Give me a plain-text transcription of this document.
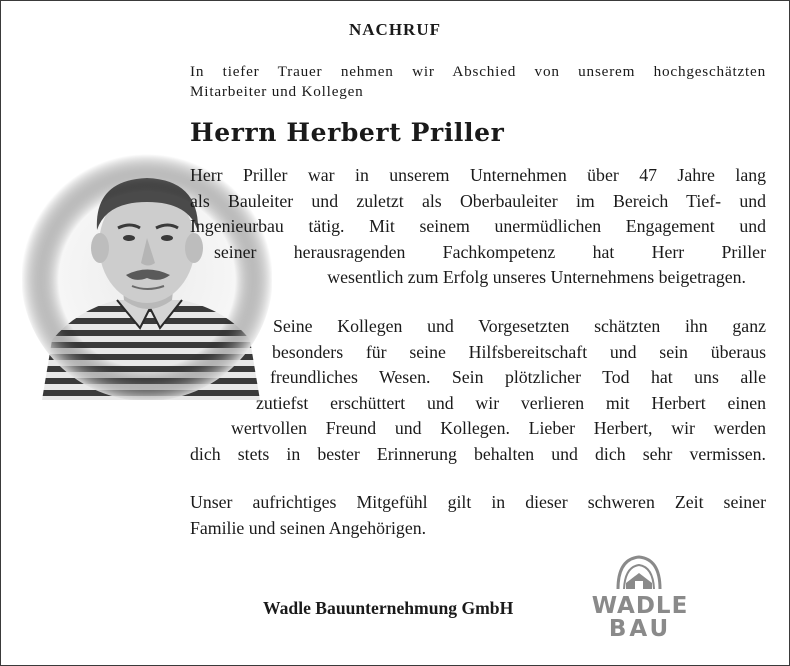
NACHRUF
In tiefer Trauer nehmen wir Abschied von unserem hochgeschätzten
Mitarbeiter und Kollegen
Herrn Herbert Priller
Herr Priller war in unserem Unternehmen über 47 Jahre lang
als Bauleiter und zuletzt als Oberbauleiter im Bereich Tief- und
Ingenieurbau tätig. Mit seinem unermüdlichen Engagement und
seiner herausragenden Fachkompetenz hat Herr Priller
wesentlich zum Erfolg unseres Unternehmens beigetragen.
Seine Kollegen und Vorgesetzten schätzten ihn ganz
besonders für seine Hilfsbereitschaft und sein überaus
freundliches Wesen. Sein plötzlicher Tod hat uns alle
zutiefst erschüttert und wir verlieren mit Herbert einen
wertvollen Freund und Kollegen. Lieber Herbert, wir werden
dich stets in bester Erinnerung behalten und dich sehr vermissen.
Unser aufrichtiges Mitgefühl gilt in dieser schweren Zeit seiner
Familie und seinen Angehörigen.
Wadle Bauunternehmung GmbH	WADLE
BAU
